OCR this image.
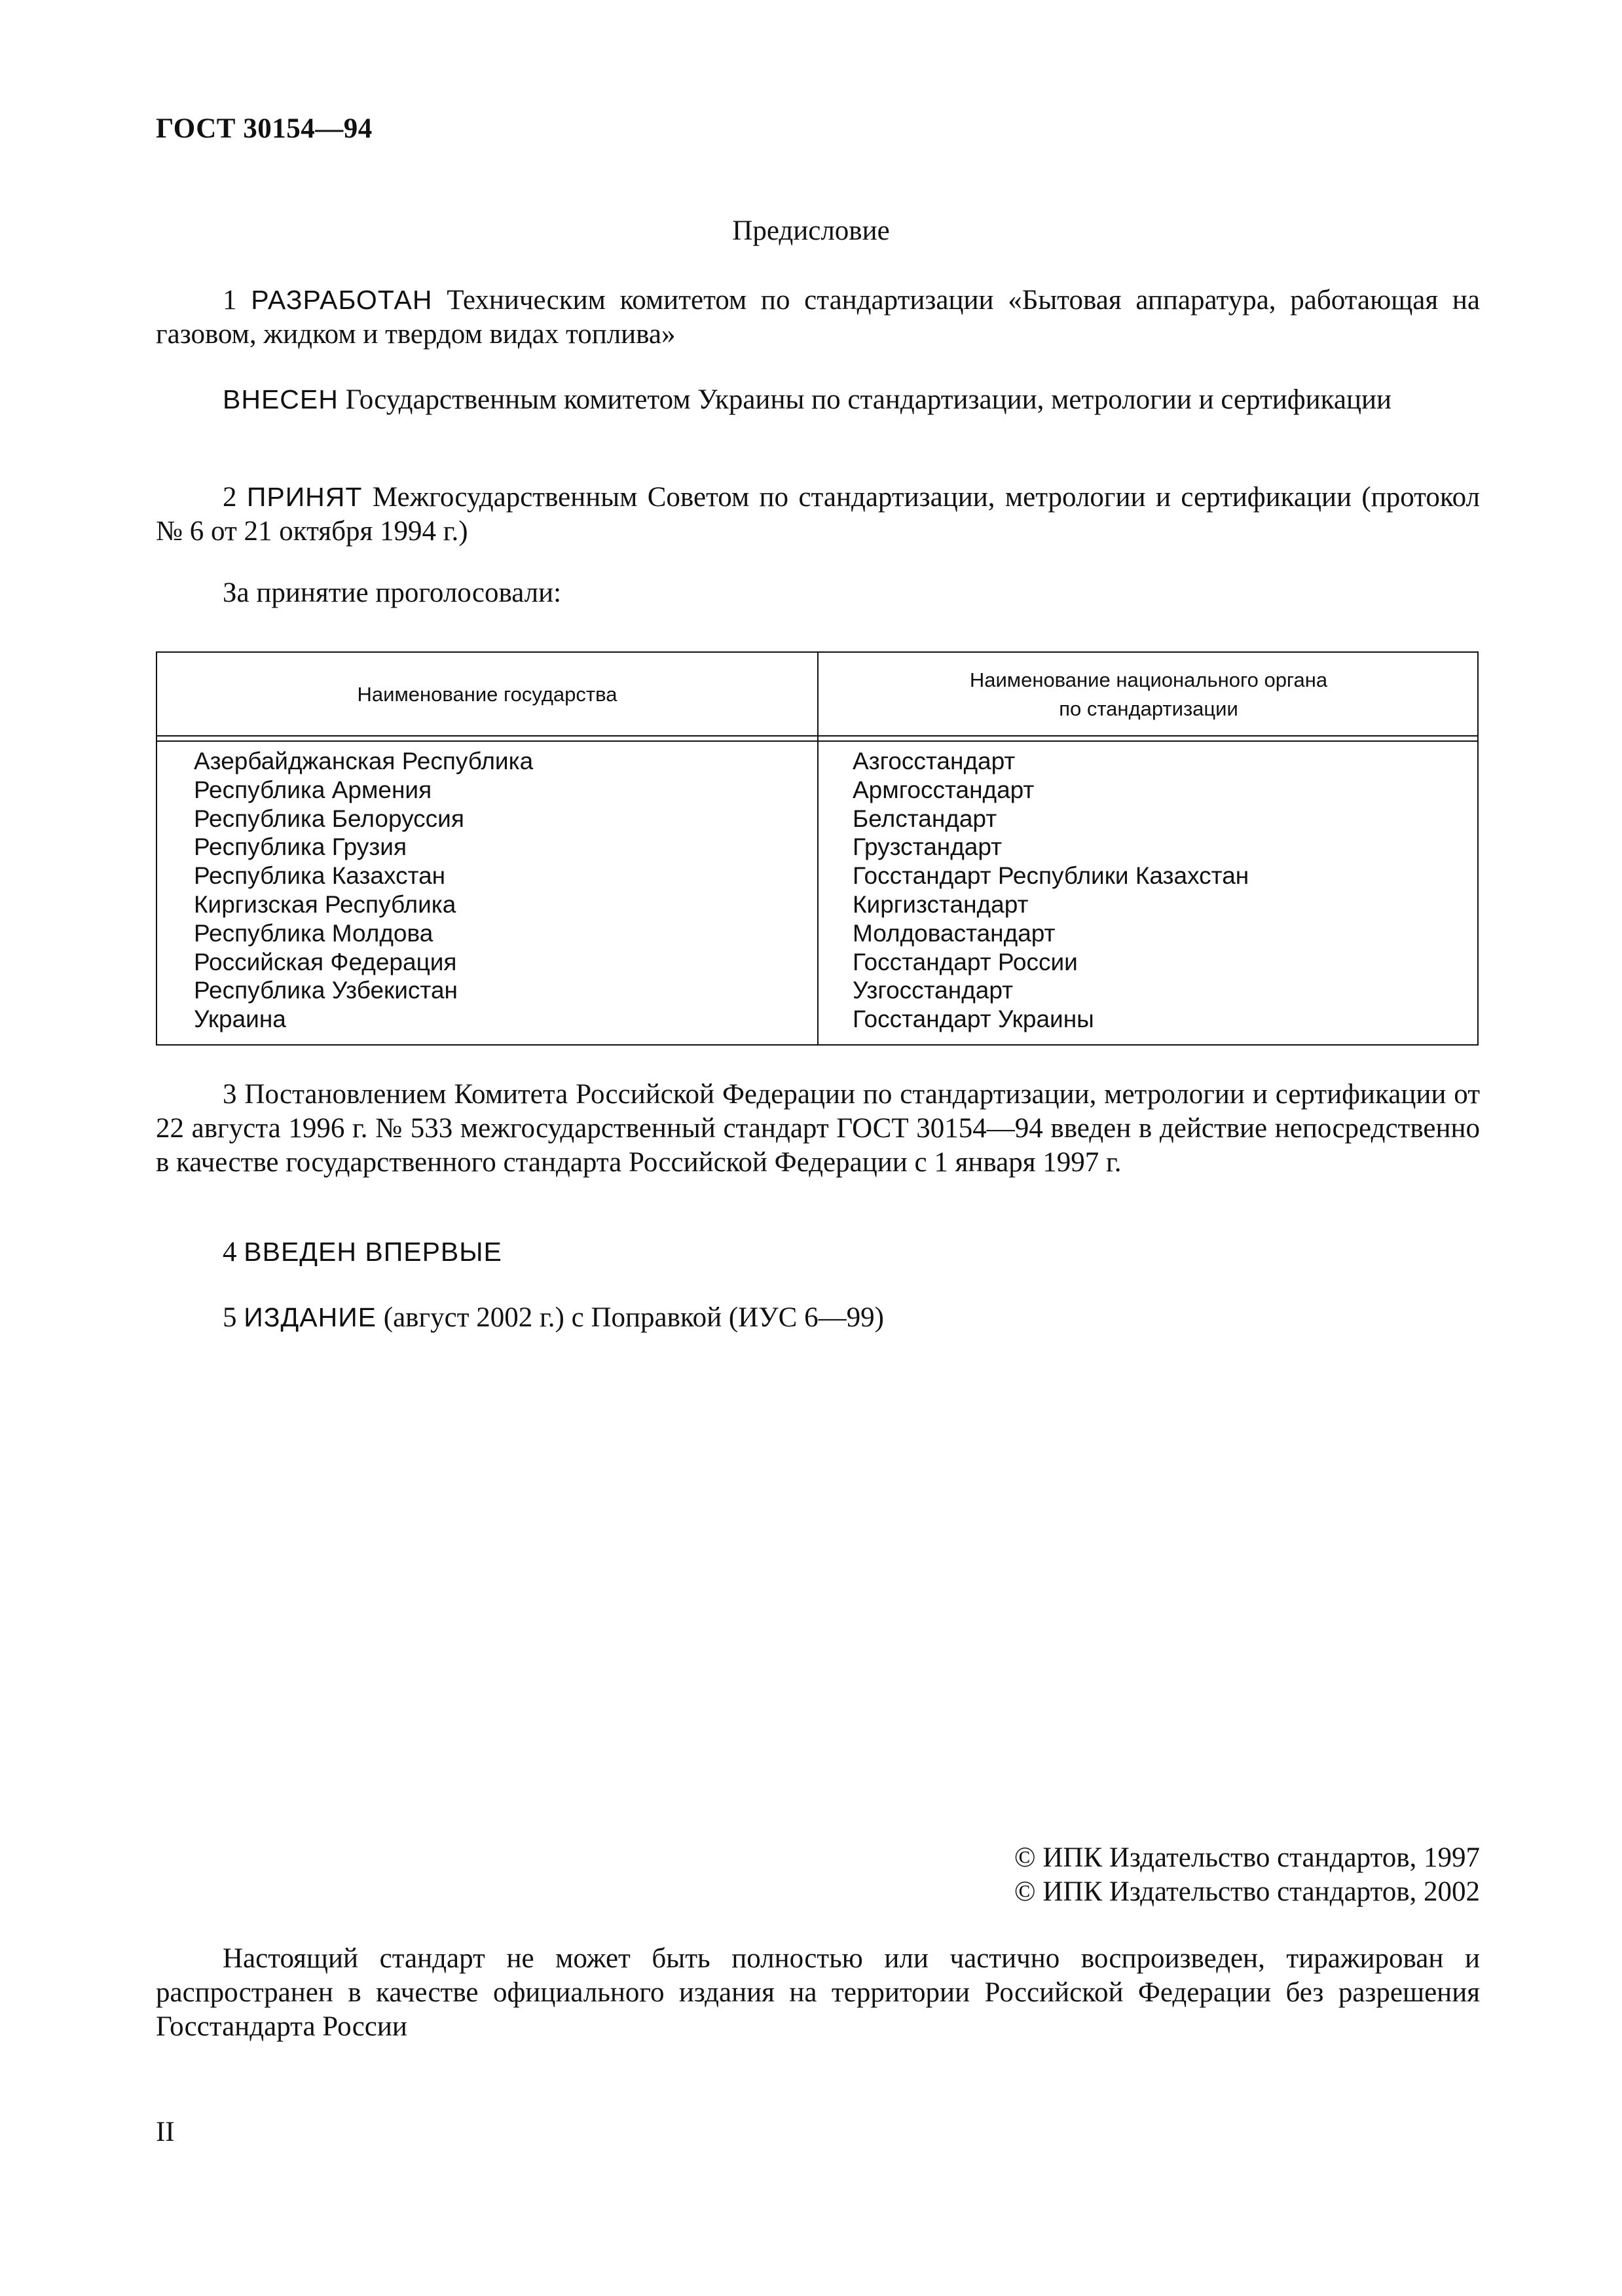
ГОСТ 30154—94
Предисловие
1 РАЗРАБОТАН Техническим комитетом по стандартизации «Бытовая аппаратура, работающая на газовом, жидком и твердом видах топлива»
ВНЕСЕН Государственным комитетом Украины по стандартизации, метрологии и сертификации
2 ПРИНЯТ Межгосударственным Советом по стандартизации, метрологии и сертификации (протокол № 6 от 21 октября 1994 г.)
За принятие проголосовали:
Наименование государства
Наименование национального органа
по стандартизации
Азербайджанская Республика
Республика Армения
Республика Белоруссия
Республика Грузия
Республика Казахстан
Киргизская Республика
Республика Молдова
Российская Федерация
Республика Узбекистан
Украина
Азгосстандарт
Армгосстандарт
Белстандарт
Грузстандарт
Госстандарт Республики Казахстан
Киргизстандарт
Молдовастандарт
Госстандарт России
Узгосстандарт
Госстандарт Украины
3 Постановлением Комитета Российской Федерации по стандартизации, метрологии и сертификации от 22 августа 1996 г. № 533 межгосударственный стандарт ГОСТ 30154—94 введен в действие непосредственно в качестве государственного стандарта Российской Федерации с 1 января 1997 г.
4 ВВЕДЕН ВПЕРВЫЕ
5 ИЗДАНИЕ (август 2002 г.) с Поправкой (ИУС 6—99)
© ИПК Издательство стандартов, 1997
© ИПК Издательство стандартов, 2002
Настоящий стандарт не может быть полностью или частично воспроизведен, тиражирован и распространен в качестве официального издания на территории Российской Федерации без разрешения Госстандарта России
II
